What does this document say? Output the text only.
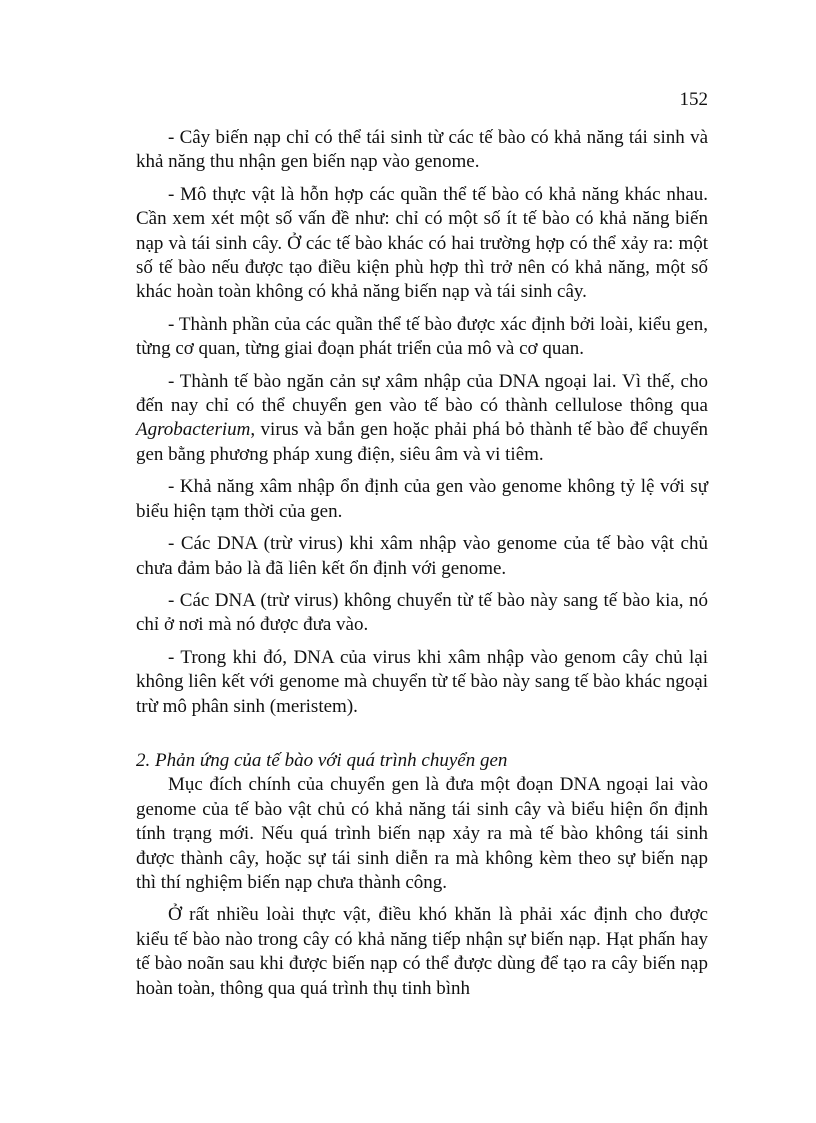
152

- Cây biến nạp chỉ có thể tái sinh từ các tế bào có khả năng tái sinh và khả năng thu nhận gen biến nạp vào genome.

- Mô thực vật là hỗn hợp các quần thể tế bào có khả năng khác nhau. Cần xem xét một số vấn đề như: chỉ có một số ít tế bào có khả năng biến nạp và tái sinh cây. Ở các tế bào khác có hai trường hợp có thể xảy ra: một số tế bào nếu được tạo điều kiện phù hợp thì trở nên có khả năng, một số khác hoàn toàn không có khả năng biến nạp và tái sinh cây.

- Thành phần của các quần thể tế bào được xác định bởi loài, kiểu gen, từng cơ quan, từng giai đoạn phát triển của mô và cơ quan.

- Thành tế bào ngăn cản sự xâm nhập của DNA ngoại lai. Vì thế, cho đến nay chỉ có thể chuyển gen vào tế bào có thành cellulose thông qua Agrobacterium, virus và bắn gen hoặc phải phá bỏ thành tế bào để chuyển gen bằng phương pháp xung điện, siêu âm và vi tiêm.

- Khả năng xâm nhập ổn định của gen vào genome không tỷ lệ với sự biểu hiện tạm thời của gen.

- Các DNA (trừ virus) khi xâm nhập vào genome của tế bào vật chủ chưa đảm bảo là đã liên kết ổn định với genome.

- Các DNA (trừ virus) không chuyển từ tế bào này sang tế bào kia, nó chỉ ở nơi mà nó được đưa vào.

- Trong khi đó, DNA của virus khi xâm nhập vào genom cây chủ lại không liên kết với genome mà chuyển từ tế bào này sang tế bào khác ngoại trừ mô phân sinh (meristem).

2. Phản ứng của tế bào với quá trình chuyển gen

Mục đích chính của chuyển gen là đưa một đoạn DNA ngoại lai vào genome của tế bào vật chủ có khả năng tái sinh cây và biểu hiện ổn định tính trạng mới. Nếu quá trình biến nạp xảy ra mà tế bào không tái sinh được thành cây, hoặc sự tái sinh diễn ra mà không kèm theo sự biến nạp thì thí nghiệm biến nạp chưa thành công.

Ở rất nhiều loài thực vật, điều khó khăn là phải xác định cho được kiểu tế bào nào trong cây có khả năng tiếp nhận sự biến nạp. Hạt phấn hay tế bào noãn sau khi được biến nạp có thể được dùng để tạo ra cây biến nạp hoàn toàn, thông qua quá trình thụ tinh bình
